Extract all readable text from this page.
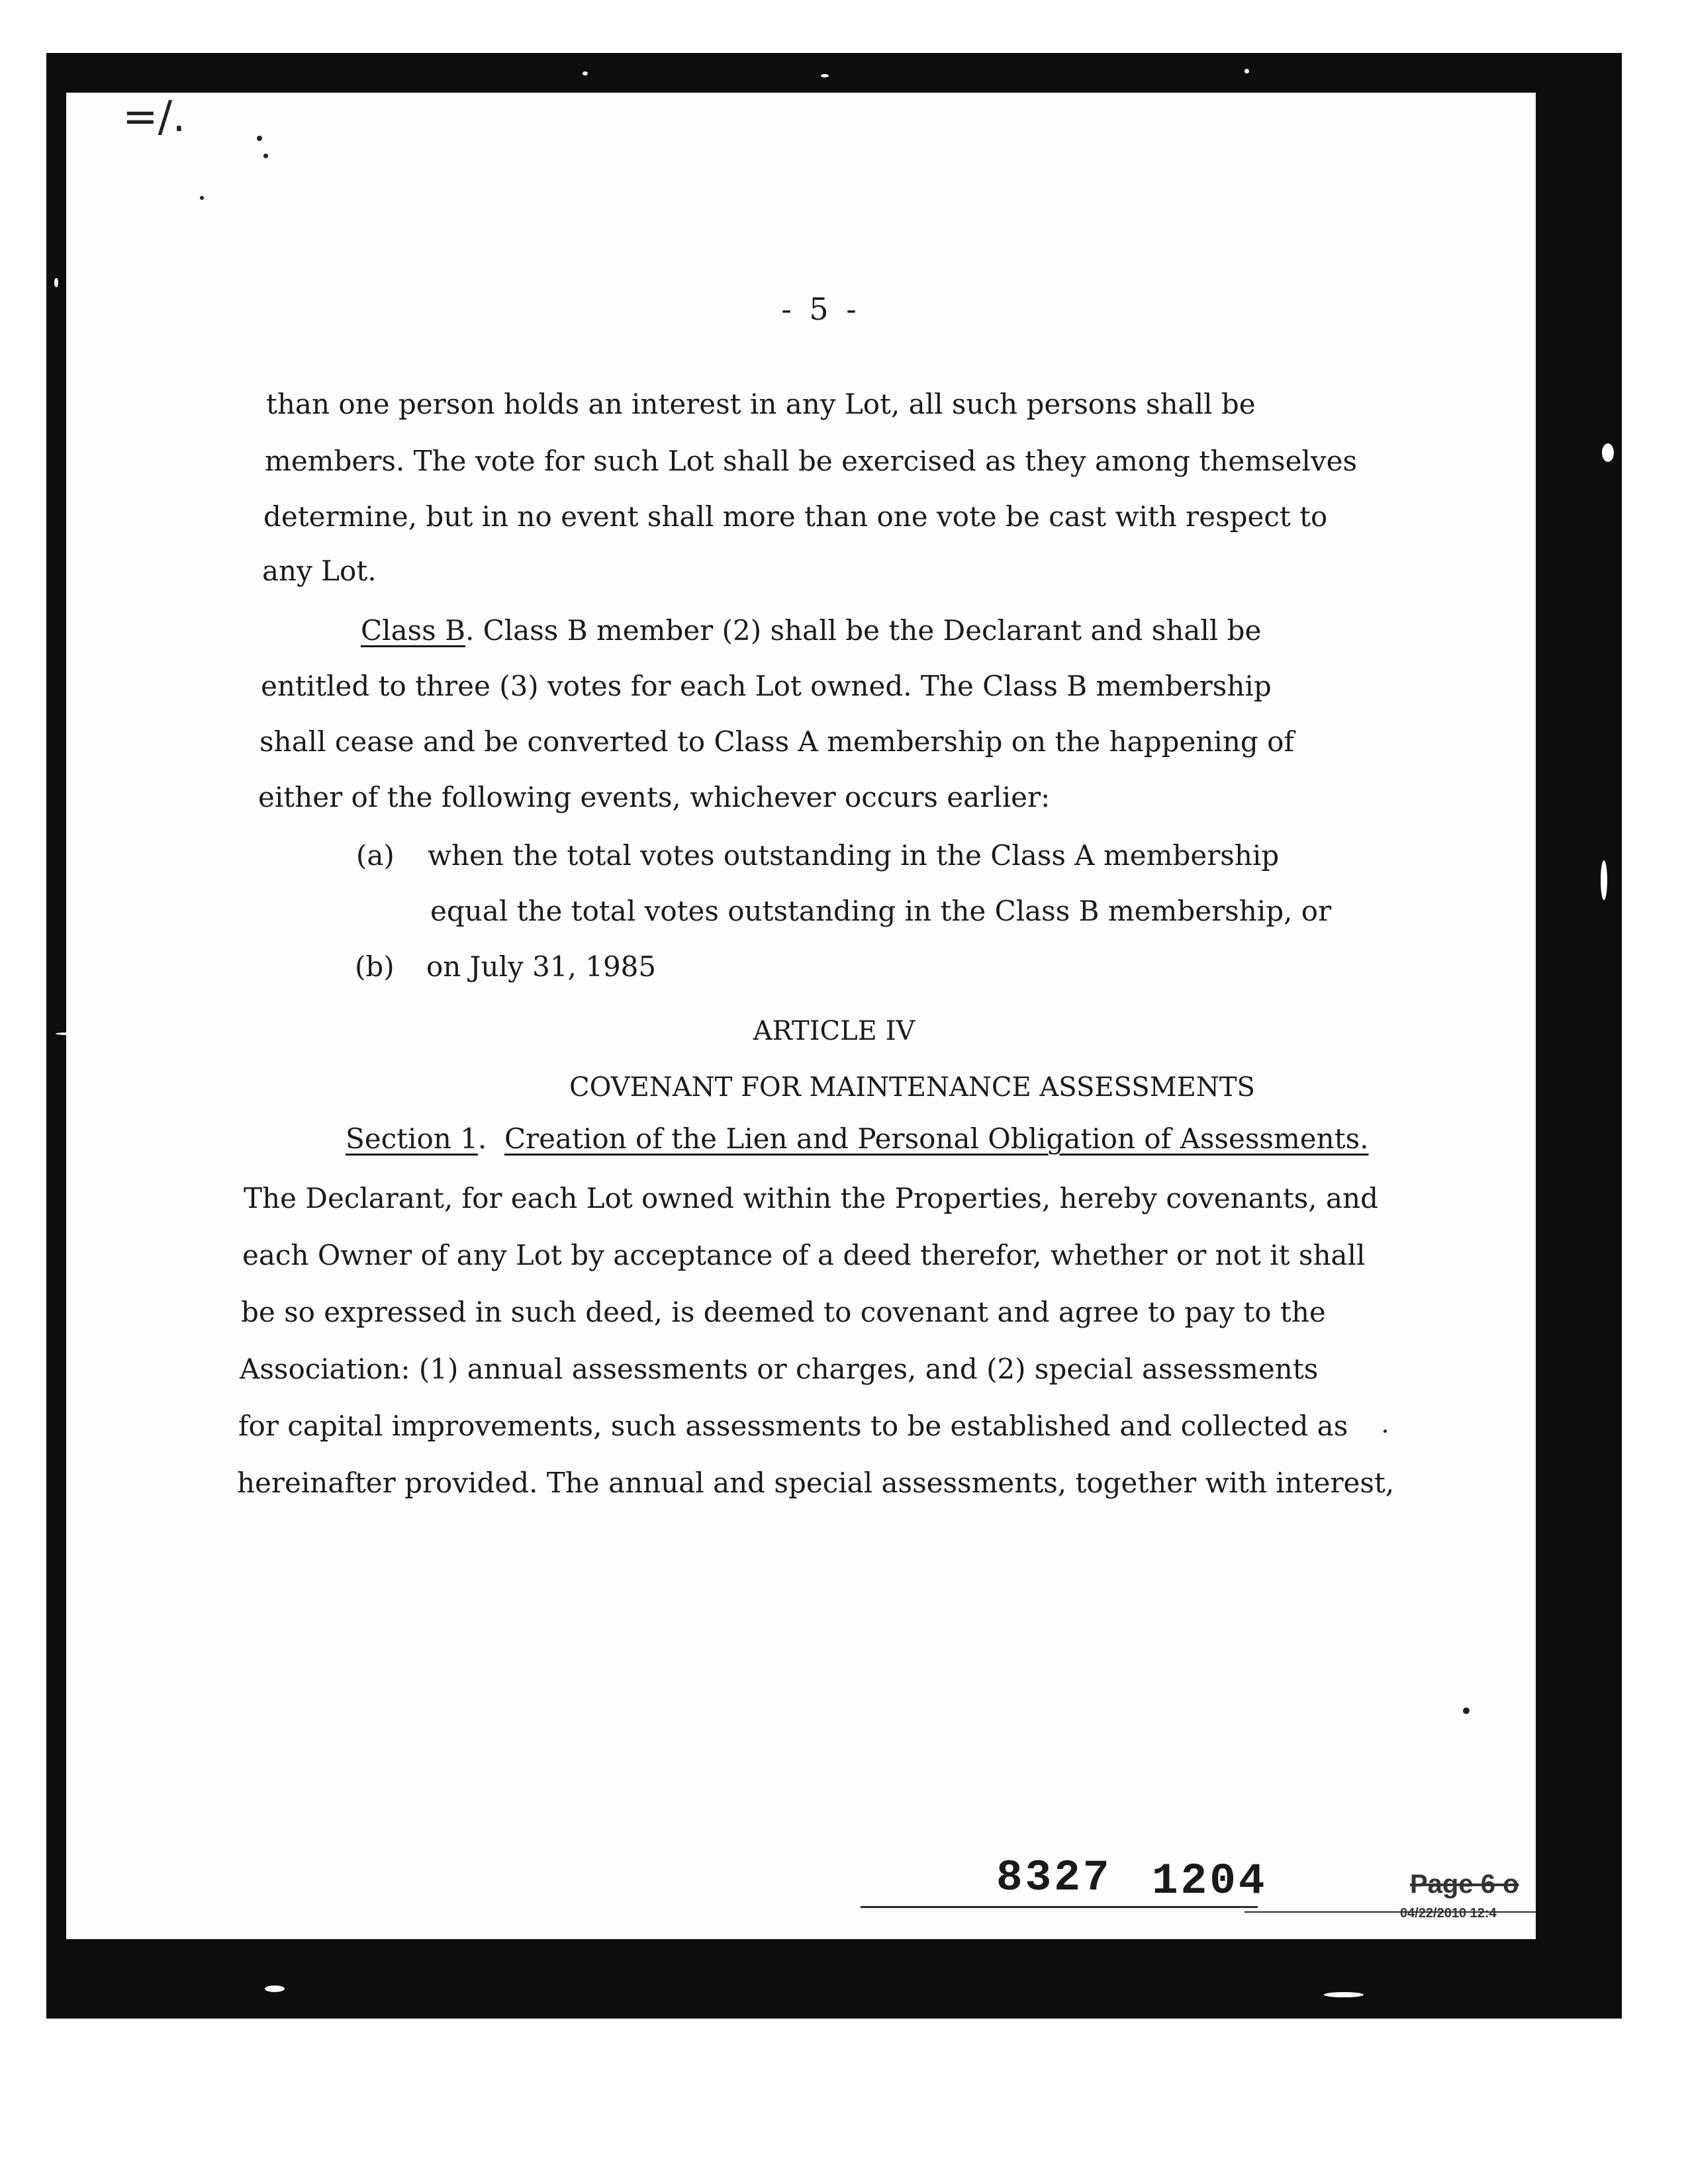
=/.
- 5 -
than one person holds an interest in any Lot, all such persons shall be
members. The vote for such Lot shall be exercised as they among themselves
determine, but in no event shall more than one vote be cast with respect to
any Lot.
Class B. Class B member (2) shall be the Declarant and shall be
entitled to three (3) votes for each Lot owned. The Class B membership
shall cease and be converted to Class A membership on the happening of
either of the following events, whichever occurs earlier:
(a) when the total votes outstanding in the Class A membership
equal the total votes outstanding in the Class B membership, or
(b) on July 31, 1985
ARTICLE IV
COVENANT FOR MAINTENANCE ASSESSMENTS
Section 1.  Creation of the Lien and Personal Obligation of Assessments.
The Declarant, for each Lot owned within the Properties, hereby covenants, and
each Owner of any Lot by acceptance of a deed therefor, whether or not it shall
be so expressed in such deed, is deemed to covenant and agree to pay to the
Association: (1) annual assessments or charges, and (2) special assessments
for capital improvements, such assessments to be established and collected as
hereinafter provided. The annual and special assessments, together with interest,
8327 1204	Page 6 o
04/22/2010 12:4
